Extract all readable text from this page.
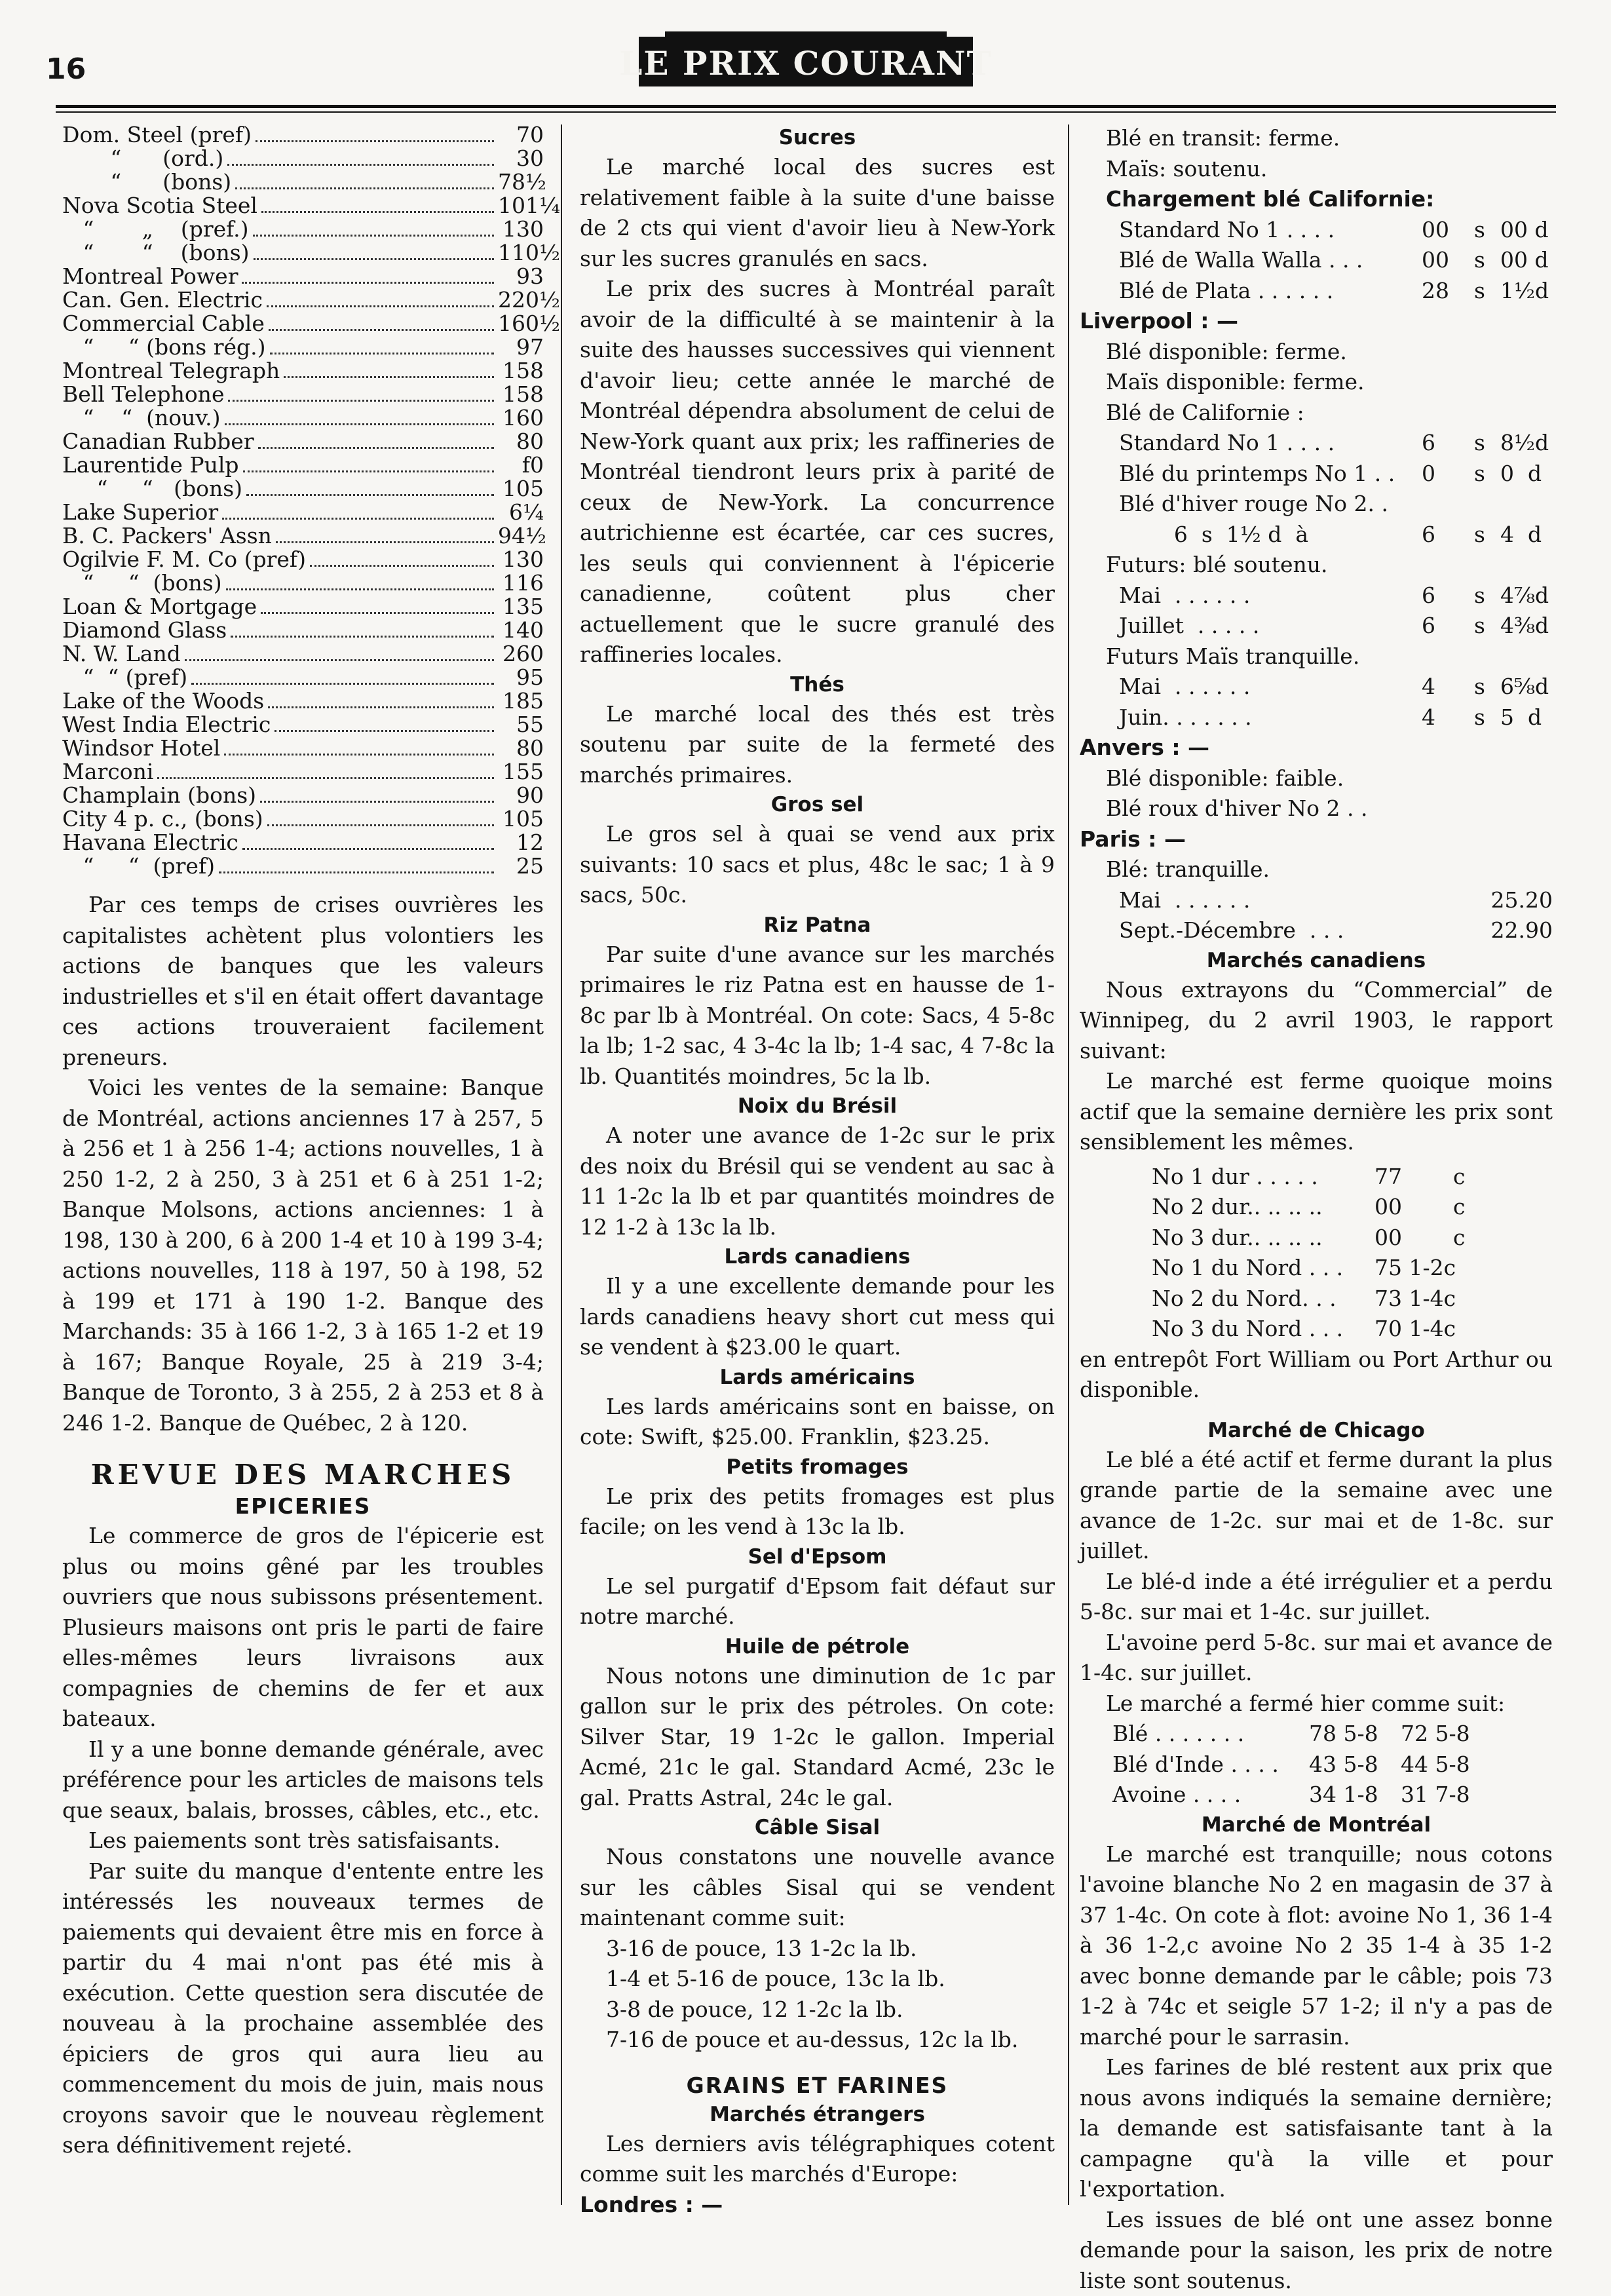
16	LE PRIX COURANT
Dom. Steel (pref)	70
“      (ord.)	30
“      (bons)	78½
Nova Scotia Steel	101¼
“       „    (pref.)	130
“       “    (bons)	110½
Montreal Power	93
Can. Gen. Electric	220½
Commercial Cable	160½
“     “ (bons rég.)	97
Montreal Telegraph	158
Bell Telephone	158
“    “  (nouv.)	160
Canadian Rubber	80
Laurentide Pulp	f0
“     “   (bons)	105
Lake Superior	6¼
B. C. Packers' Assn	94½
Ogilvie F. M. Co (pref)	130
“     “  (bons)	116
Loan & Mortgage	135
Diamond Glass	140
N. W. Land	260
“  “ (pref)	95
Lake of the Woods	185
West India Electric	55
Windsor Hotel	80
Marconi	155
Champlain (bons)	90
City 4 p. c., (bons)	105
Havana Electric	12
“     “  (pref)	25

Par ces temps de crises ouvrières les capitalistes achètent plus volontiers les actions de banques que les valeurs industrielles et s'il en était offert davantage ces actions trouveraient facilement preneurs.

Voici les ventes de la semaine: Banque de Montréal, actions anciennes 17 à 257, 5 à 256 et 1 à 256 1-4; actions nouvelles, 1 à 250 1-2, 2 à 250, 3 à 251 et 6 à 251 1-2; Banque Molsons, actions anciennes: 1 à 198, 130 à 200, 6 à 200 1-4 et 10 à 199 3-4; actions nouvelles, 118 à 197, 50 à 198, 52 à 199 et 171 à 190 1-2. Banque des Marchands: 35 à 166 1-2, 3 à 165 1-2 et 19 à 167; Banque Royale, 25 à 219 3-4; Banque de Toronto, 3 à 255, 2 à 253 et 8 à 246 1-2. Banque de Québec, 2 à 120.

REVUE DES MARCHES
EPICERIES

Le commerce de gros de l'épicerie est plus ou moins gêné par les troubles ouvriers que nous subissons présentement. Plusieurs maisons ont pris le parti de faire elles-mêmes leurs livraisons aux compagnies de chemins de fer et aux bateaux.

Il y a une bonne demande générale, avec préférence pour les articles de maisons tels que seaux, balais, brosses, câbles, etc., etc.

Les paiements sont très satisfaisants.

Par suite du manque d'entente entre les intéressés les nouveaux termes de paiements qui devaient être mis en force à partir du 4 mai n'ont pas été mis à exécution. Cette question sera discutée de nouveau à la prochaine assemblée des épiciers de gros qui aura lieu au commencement du mois de juin, mais nous croyons savoir que le nouveau règlement sera définitivement rejeté.

Sucres

Le marché local des sucres est relativement faible à la suite d'une baisse de 2 cts qui vient d'avoir lieu à New-York sur les sucres granulés en sacs.

Le prix des sucres à Montréal paraît avoir de la difficulté à se maintenir à la suite des hausses successives qui viennent d'avoir lieu; cette année le marché de Montréal dépendra absolument de celui de New-York quant aux prix; les raffineries de Montréal tiendront leurs prix à parité de ceux de New-York. La concurrence autrichienne est écartée, car ces sucres, les seuls qui conviennent à l'épicerie canadienne, coûtent plus cher actuellement que le sucre granulé des raffineries locales.

Thés

Le marché local des thés est très soutenu par suite de la fermeté des marchés primaires.

Gros sel

Le gros sel à quai se vend aux prix suivants: 10 sacs et plus, 48c le sac; 1 à 9 sacs, 50c.

Riz Patna

Par suite d'une avance sur les marchés primaires le riz Patna est en hausse de 1-8c par lb à Montréal. On cote: Sacs, 4 5-8c la lb; 1-2 sac, 4 3-4c la lb; 1-4 sac, 4 7-8c la lb. Quantités moindres, 5c la lb.

Noix du Brésil

A noter une avance de 1-2c sur le prix des noix du Brésil qui se vendent au sac à 11 1-2c la lb et par quantités moindres de 12 1-2 à 13c la lb.

Lards canadiens

Il y a une excellente demande pour les lards canadiens heavy short cut mess qui se vendent à $23.00 le quart.

Lards américains

Les lards américains sont en baisse, on cote: Swift, $25.00. Franklin, $23.25.

Petits fromages

Le prix des petits fromages est plus facile; on les vend à 13c la lb.

Sel d'Epsom

Le sel purgatif d'Epsom fait défaut sur notre marché.

Huile de pétrole

Nous notons une diminution de 1c par gallon sur le prix des pétroles. On cote: Silver Star, 19 1-2c le gallon. Imperial Acmé, 21c le gal. Standard Acmé, 23c le gal. Pratts Astral, 24c le gal.

Câble Sisal

Nous constatons une nouvelle avance sur les câbles Sisal qui se vendent maintenant comme suit:

3-16 de pouce, 13 1-2c la lb.
1-4 et 5-16 de pouce, 13c la lb.
3-8 de pouce, 12 1-2c la lb.
7-16 de pouce et au-dessus, 12c la lb.
GRAINS ET FARINES
Marchés étrangers

Les derniers avis télégraphiques cotent comme suit les marchés d'Europe:

Londres : —
Blé en transit: ferme.
Maïs: soutenu.
Chargement blé Californie:
Standard No 1 . . . .	00	s 00 d
Blé de Walla Walla . . .	00	s 00 d
Blé de Plata . . . . . .	28	s 1½d
Liverpool : —
Blé disponible: ferme.
Maïs disponible: ferme.
Blé de Californie :
Standard No 1 . . . .	6	s 8½d
Blé du printemps No 1 . .	0	s 0  d
Blé d'hiver rouge No 2. .
6  s  1½ d  à	6	s 4  d
Futurs: blé soutenu.
Mai  . . . . . .	6	s 4⅞d
Juillet  . . . . .	6	s 4⅜d
Futurs Maïs tranquille.
Mai  . . . . . .	4	s 6⅝d
Juin. . . . . . .	4	s 5  d
Anvers : —
Blé disponible: faible.
Blé roux d'hiver No 2 . .
Paris : —
Blé: tranquille.
Mai  . . . . . .	25.20
Sept.-Décembre  . . .	22.90
Marchés canadiens

Nous extrayons du “Commercial” de Winnipeg, du 2 avril 1903, le rapport suivant:

Le marché est ferme quoique moins actif que la semaine dernière les prix sont sensiblement les mêmes.

No 1 dur . . . . .	77	c
No 2 dur.. .. .. ..	00	c
No 3 dur.. .. .. ..	00	c
No 1 du Nord . . .	75 1-2c
No 2 du Nord. . .	73 1-4c
No 3 du Nord . . .	70 1-4c

en entrepôt Fort William ou Port Arthur ou disponible.

Marché de Chicago

Le blé a été actif et ferme durant la plus grande partie de la semaine avec une avance de 1-2c. sur mai et de 1-8c. sur juillet.

Le blé-d inde a été irrégulier et a perdu 5-8c. sur mai et 1-4c. sur juillet.

L'avoine perd 5-8c. sur mai et avance de 1-4c. sur juillet.

Le marché a fermé hier comme suit:

Blé . . . . . . .	78 5-8	72 5-8
Blé d'Inde . . . .	43 5-8	44 5-8
Avoine . . . .	34 1-8	31 7-8
Marché de Montréal

Le marché est tranquille; nous cotons l'avoine blanche No 2 en magasin de 37 à 37 1-4c. On cote à flot: avoine No 1, 36 1-4 à 36 1-2,c avoine No 2 35 1-4 à 35 1-2 avec bonne demande par le câble; pois 73 1-2 à 74c et seigle 57 1-2; il n'y a pas de marché pour le sarrasin.

Les farines de blé restent aux prix que nous avons indiqués la semaine dernière; la demande est satisfaisante tant à la campagne qu'à la ville et pour l'exportation.

Les issues de blé ont une assez bonne demande pour la saison, les prix de notre liste sont soutenus.
